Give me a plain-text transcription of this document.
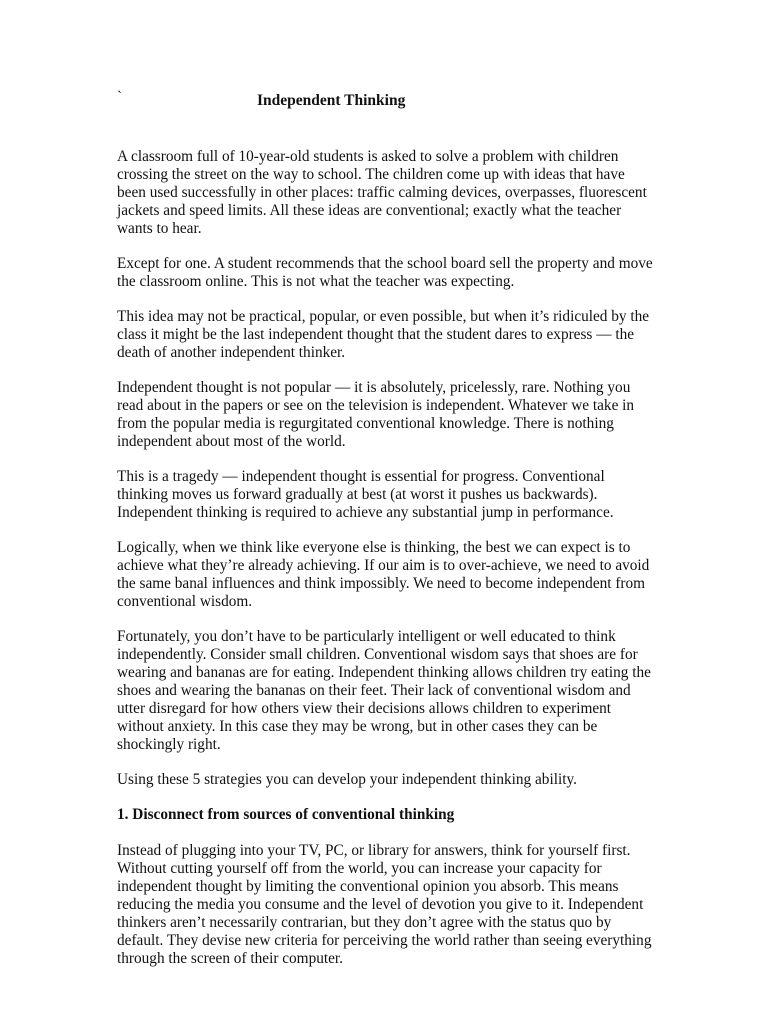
`	Independent Thinking

A classroom full of 10-year-old students is asked to solve a problem with children crossing the street on the way to school. The children come up with ideas that have been used successfully in other places: traffic calming devices, overpasses, fluorescent jackets and speed limits. All these ideas are conventional; exactly what the teacher wants to hear.

Except for one. A student recommends that the school board sell the property and move the classroom online. This is not what the teacher was expecting.

This idea may not be practical, popular, or even possible, but when it’s ridiculed by the class it might be the last independent thought that the student dares to express — the death of another independent thinker.

Independent thought is not popular — it is absolutely, pricelessly, rare. Nothing you read about in the papers or see on the television is independent. Whatever we take in from the popular media is regurgitated conventional knowledge. There is nothing independent about most of the world.

This is a tragedy — independent thought is essential for progress. Conventional thinking moves us forward gradually at best (at worst it pushes us backwards). Independent thinking is required to achieve any substantial jump in performance.

Logically, when we think like everyone else is thinking, the best we can expect is to achieve what they’re already achieving. If our aim is to over-achieve, we need to avoid the same banal influences and think impossibly. We need to become independent from conventional wisdom.

Fortunately, you don’t have to be particularly intelligent or well educated to think independently. Consider small children. Conventional wisdom says that shoes are for wearing and bananas are for eating. Independent thinking allows children try eating the shoes and wearing the bananas on their feet. Their lack of conventional wisdom and utter disregard for how others view their decisions allows children to experiment without anxiety. In this case they may be wrong, but in other cases they can be shockingly right.

Using these 5 strategies you can develop your independent thinking ability.

1. Disconnect from sources of conventional thinking

Instead of plugging into your TV, PC, or library for answers, think for yourself first. Without cutting yourself off from the world, you can increase your capacity for independent thought by limiting the conventional opinion you absorb. This means reducing the media you consume and the level of devotion you give to it. Independent thinkers aren’t necessarily contrarian, but they don’t agree with the status quo by default. They devise new criteria for perceiving the world rather than seeing everything through the screen of their computer.
